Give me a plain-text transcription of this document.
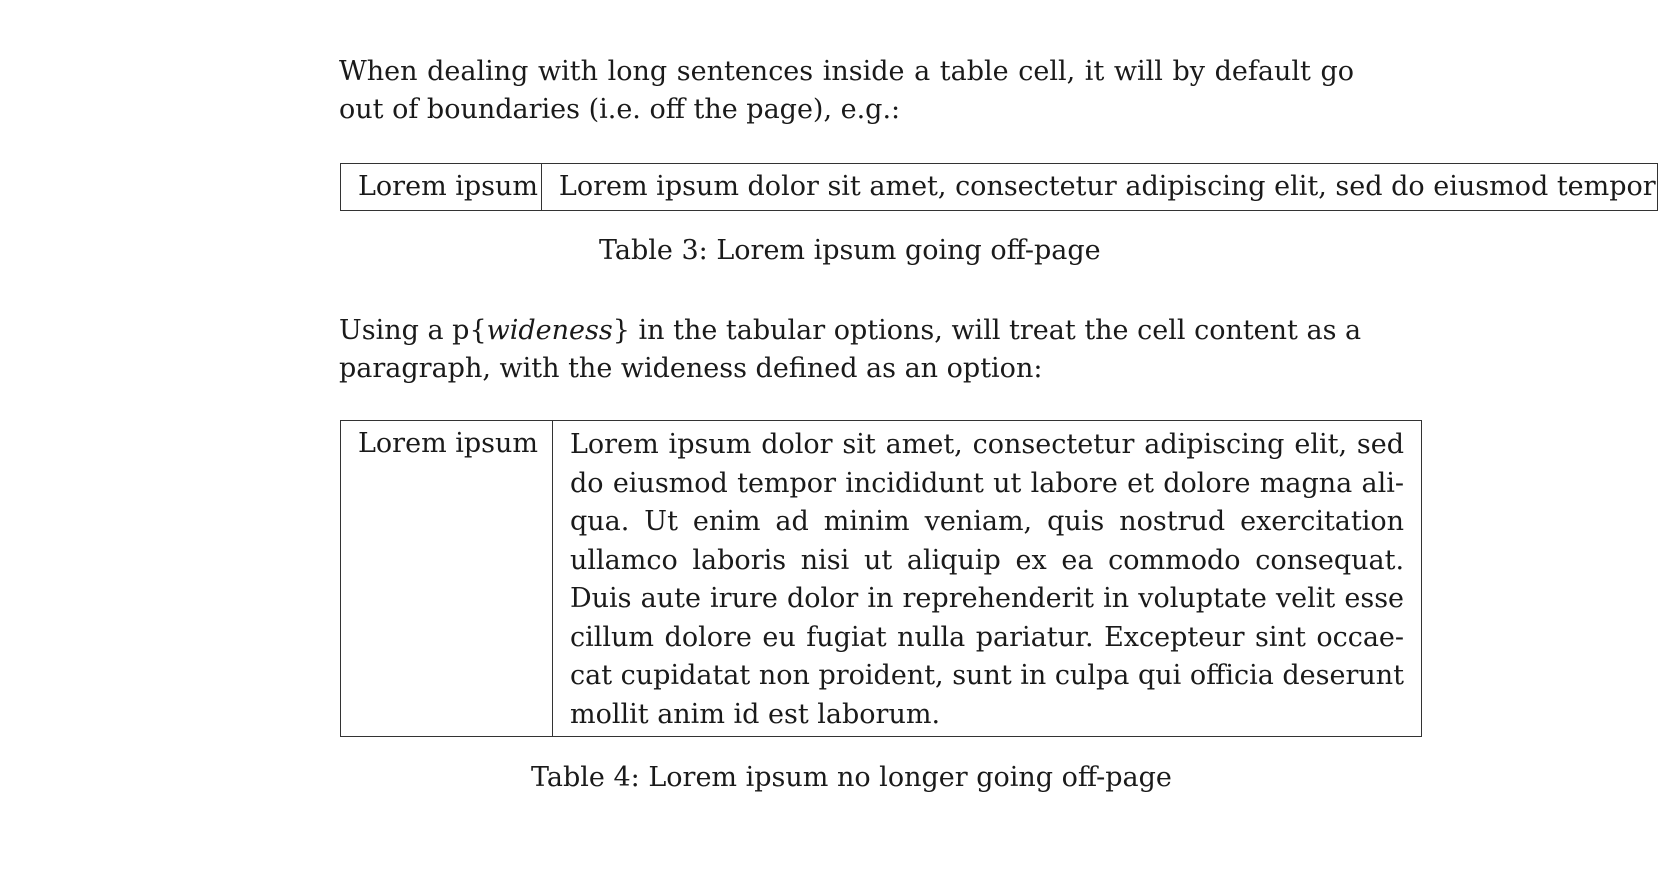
When dealing with long sentences inside a table cell, it will by default go
out of boundaries (i.e. off the page), e.g.:

Lorem ipsum	Lorem ipsum dolor sit amet, consectetur adipiscing elit, sed do eiusmod tempor

Table 3: Lorem ipsum going off-page

Using a p{wideness} in the tabular options, will treat the cell content as a
paragraph, with the wideness defined as an option:

Lorem ipsum	Lorem ipsum dolor sit amet, consectetur adipiscing elit, sed
do eiusmod tempor incididunt ut labore et dolore magna ali-
qua. Ut enim ad minim veniam, quis nostrud exercitation
ullamco laboris nisi ut aliquip ex ea commodo consequat.
Duis aute irure dolor in reprehenderit in voluptate velit esse
cillum dolore eu fugiat nulla pariatur. Excepteur sint occae-
cat cupidatat non proident, sunt in culpa qui officia deserunt
mollit anim id est laborum.

Table 4: Lorem ipsum no longer going off-page
